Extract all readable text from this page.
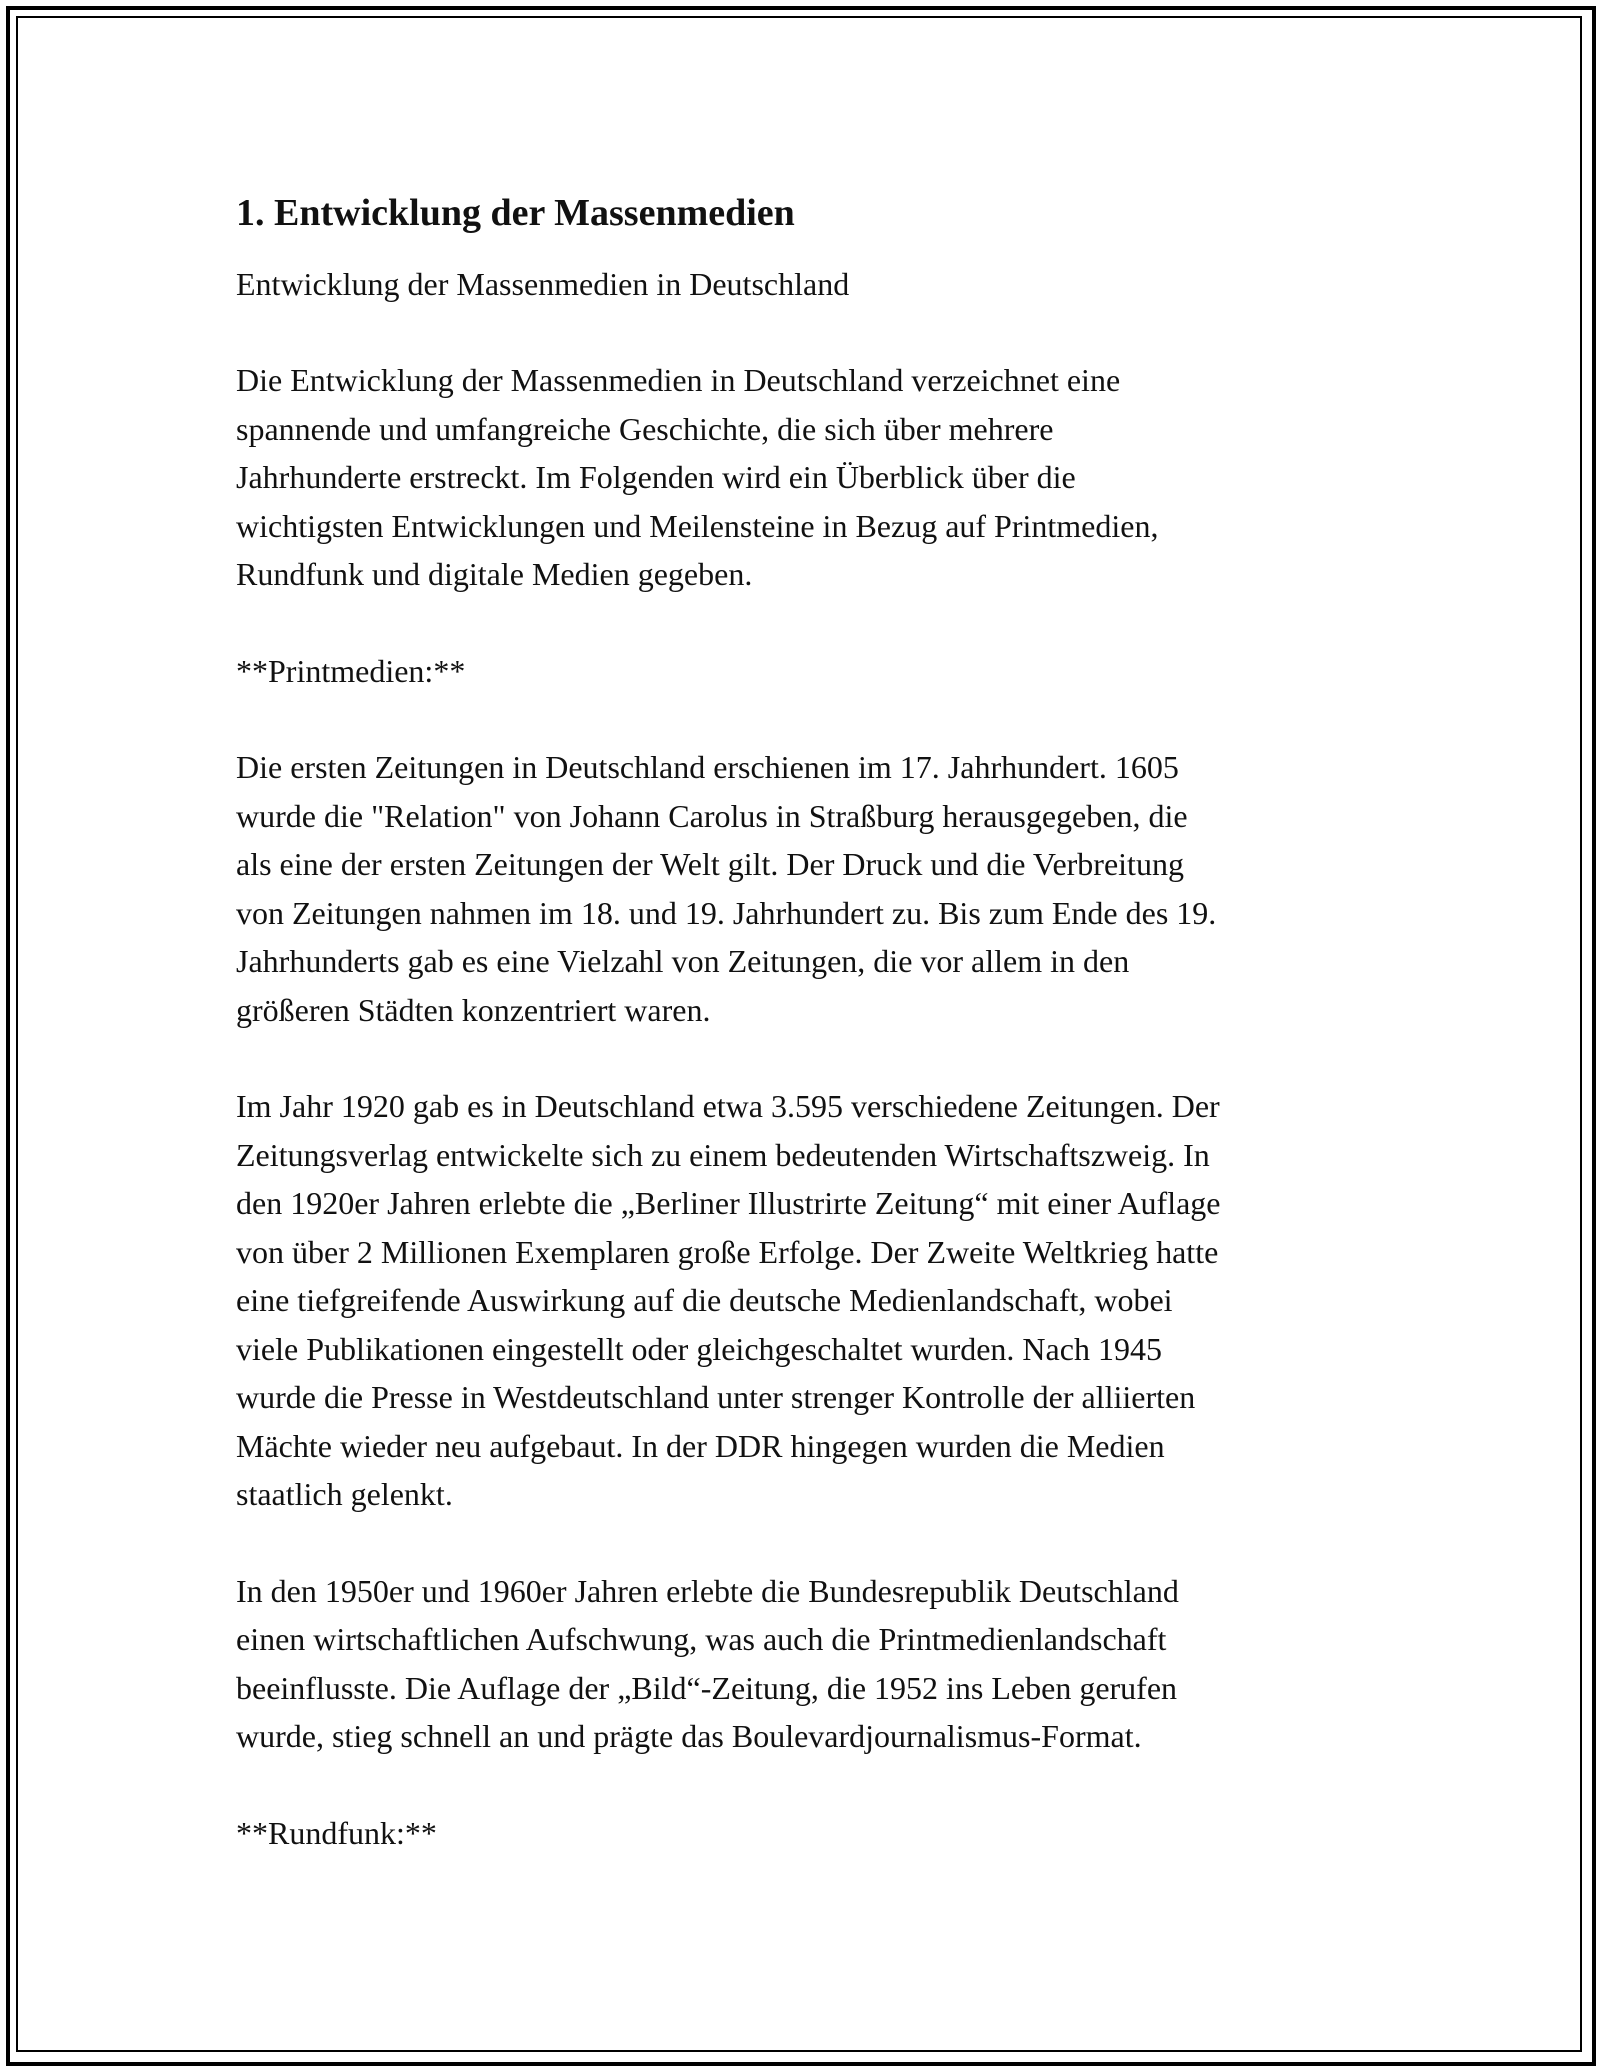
1. Entwicklung der Massenmedien
Entwicklung der Massenmedien in Deutschland

Die Entwicklung der Massenmedien in Deutschland verzeichnet eine
spannende und umfangreiche Geschichte, die sich über mehrere
Jahrhunderte erstreckt. Im Folgenden wird ein Überblick über die
wichtigsten Entwicklungen und Meilensteine in Bezug auf Printmedien,
Rundfunk und digitale Medien gegeben.

**Printmedien:**

Die ersten Zeitungen in Deutschland erschienen im 17. Jahrhundert. 1605
wurde die "Relation" von Johann Carolus in Straßburg herausgegeben, die
als eine der ersten Zeitungen der Welt gilt. Der Druck und die Verbreitung
von Zeitungen nahmen im 18. und 19. Jahrhundert zu. Bis zum Ende des 19.
Jahrhunderts gab es eine Vielzahl von Zeitungen, die vor allem in den
größeren Städten konzentriert waren.

Im Jahr 1920 gab es in Deutschland etwa 3.595 verschiedene Zeitungen. Der
Zeitungsverlag entwickelte sich zu einem bedeutenden Wirtschaftszweig. In
den 1920er Jahren erlebte die „Berliner Illustrirte Zeitung“ mit einer Auflage
von über 2 Millionen Exemplaren große Erfolge. Der Zweite Weltkrieg hatte
eine tiefgreifende Auswirkung auf die deutsche Medienlandschaft, wobei
viele Publikationen eingestellt oder gleichgeschaltet wurden. Nach 1945
wurde die Presse in Westdeutschland unter strenger Kontrolle der alliierten
Mächte wieder neu aufgebaut. In der DDR hingegen wurden die Medien
staatlich gelenkt.

In den 1950er und 1960er Jahren erlebte die Bundesrepublik Deutschland
einen wirtschaftlichen Aufschwung, was auch die Printmedienlandschaft
beeinflusste. Die Auflage der „Bild“-Zeitung, die 1952 ins Leben gerufen
wurde, stieg schnell an und prägte das Boulevardjournalismus-Format.

**Rundfunk:**
